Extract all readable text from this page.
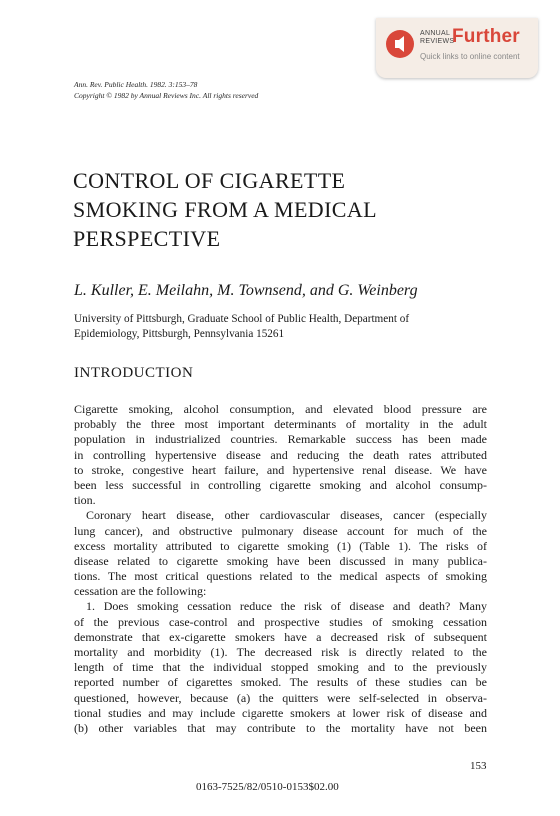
ANNUAL
REVIEWS
Further
Quick links to online content
Ann. Rev. Public Health. 1982. 3:153–78
Copyright © 1982 by Annual Reviews Inc. All rights reserved
CONTROL OF CIGARETTE
SMOKING FROM A MEDICAL
PERSPECTIVE
L. Kuller, E. Meilahn, M. Townsend, and G. Weinberg
University of Pittsburgh, Graduate School of Public Health, Department of
Epidemiology, Pittsburgh, Pennsylvania 15261
INTRODUCTION
Cigarette smoking, alcohol consumption, and elevated blood pressure are
probably the three most important determinants of mortality in the adult
population in industrialized countries. Remarkable success has been made
in controlling hypertensive disease and reducing the death rates attributed
to stroke, congestive heart failure, and hypertensive renal disease. We have
been less successful in controlling cigarette smoking and alcohol consump-
tion.
Coronary heart disease, other cardiovascular diseases, cancer (especially
lung cancer), and obstructive pulmonary disease account for much of the
excess mortality attributed to cigarette smoking (1) (Table 1). The risks of
disease related to cigarette smoking have been discussed in many publica-
tions. The most critical questions related to the medical aspects of smoking
cessation are the following:
1. Does smoking cessation reduce the risk of disease and death? Many
of the previous case-control and prospective studies of smoking cessation
demonstrate that ex-cigarette smokers have a decreased risk of subsequent
mortality and morbidity (1). The decreased risk is directly related to the
length of time that the individual stopped smoking and to the previously
reported number of cigarettes smoked. The results of these studies can be
questioned, however, because (a) the quitters were self-selected in observa-
tional studies and may include cigarette smokers at lower risk of disease and
(b) other variables that may contribute to the mortality have not been
153
0163-7525/82/0510-0153$02.00
